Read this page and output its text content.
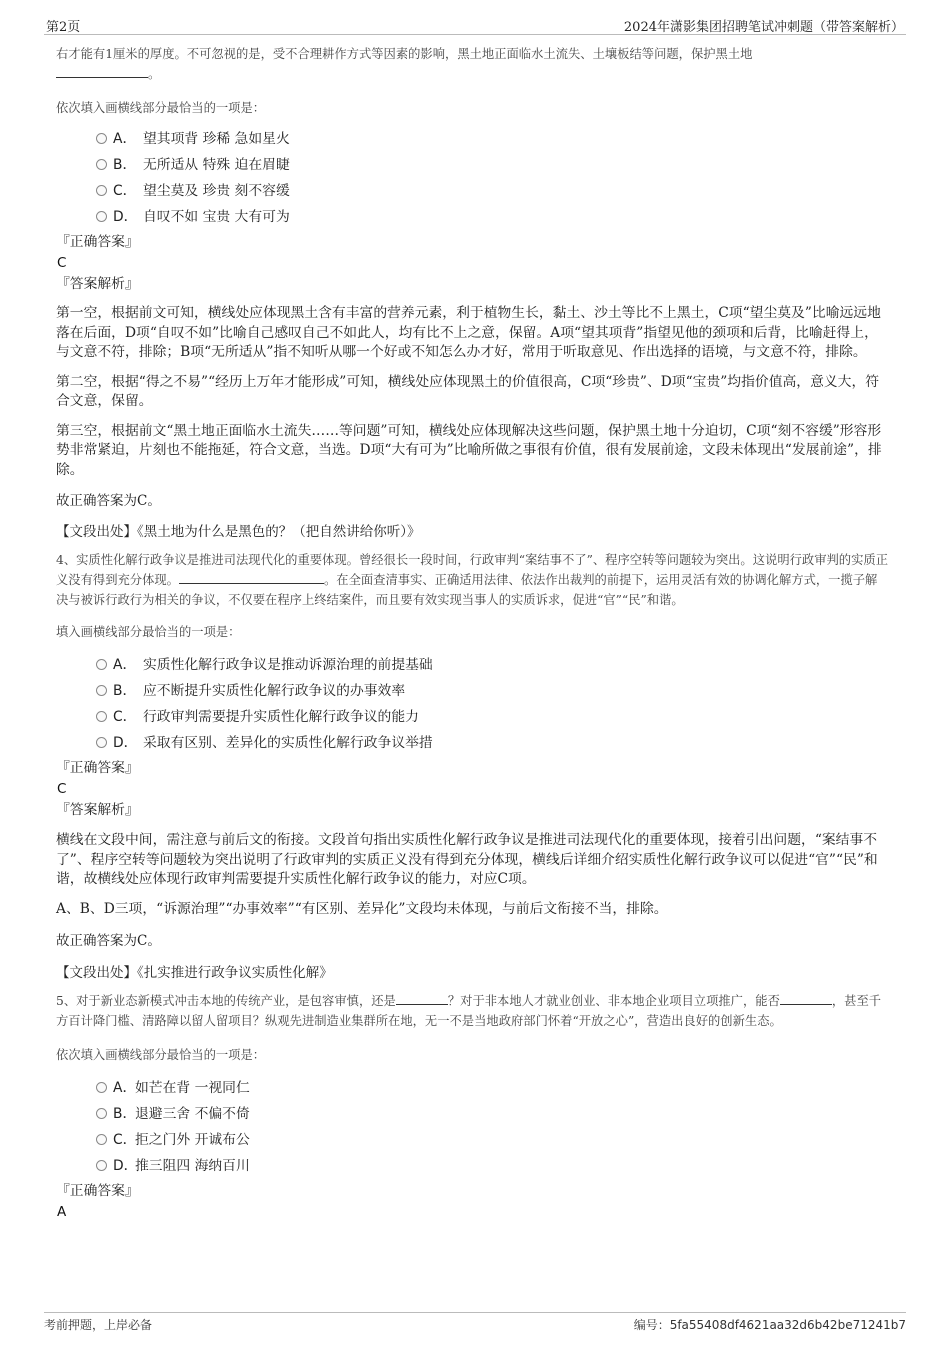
第2页	2024年潇影集团招聘笔试冲刺题（带答案解析）

右才能有1厘米的厚度。不可忽视的是，受不合理耕作方式等因素的影响，黑土地正面临水土流失、土壤板结等问题，保护黑土地
。

依次填入画横线部分最恰当的一项是：

A． 望其项背 珍稀 急如星火
B． 无所适从 特殊 迫在眉睫
C． 望尘莫及 珍贵 刻不容缓
D． 自叹不如 宝贵 大有可为

『正确答案』

C

『答案解析』

第一空，根据前文可知，横线处应体现黑土含有丰富的营养元素，利于植物生长，黏土、沙土等比不上黑土，C项“望尘莫及”比喻远远地落在后面，D项“自叹不如”比喻自己感叹自己不如此人，均有比不上之意，保留。A项“望其项背”指望见他的颈项和后背，比喻赶得上，与文意不符，排除；B项“无所适从”指不知听从哪一个好或不知怎么办才好，常用于听取意见、作出选择的语境，与文意不符，排除。

第二空，根据“得之不易”“经历上万年才能形成”可知，横线处应体现黑土的价值很高，C项“珍贵”、D项“宝贵”均指价值高，意义大，符合文意，保留。

第三空，根据前文“黑土地正面临水土流失……等问题”可知，横线处应体现解决这些问题，保护黑土地十分迫切，C项“刻不容缓”形容形势非常紧迫，片刻也不能拖延，符合文意，当选。D项“大有可为”比喻所做之事很有价值，很有发展前途，文段未体现出“发展前途”，排除。

故正确答案为C。

【文段出处】《黑土地为什么是黑色的？（把自然讲给你听）》

4、实质性化解行政争议是推进司法现代化的重要体现。曾经很长一段时间，行政审判“案结事不了”、程序空转等问题较为突出。这说明行政审判的实质正义没有得到充分体现。	。在全面查清事实、正确适用法律、依法作出裁判的前提下，运用灵活有效的协调化解方式，一揽子解决与被诉行政行为相关的争议，不仅要在程序上终结案件，而且要有效实现当事人的实质诉求，促进“官”“民”和谐。

填入画横线部分最恰当的一项是：

A． 实质性化解行政争议是推动诉源治理的前提基础
B． 应不断提升实质性化解行政争议的办事效率
C． 行政审判需要提升实质性化解行政争议的能力
D． 采取有区别、差异化的实质性化解行政争议举措

『正确答案』

C

『答案解析』

横线在文段中间，需注意与前后文的衔接。文段首句指出实质性化解行政争议是推进司法现代化的重要体现，接着引出问题，“案结事不了”、程序空转等问题较为突出说明了行政审判的实质正义没有得到充分体现，横线后详细介绍实质性化解行政争议可以促进“官”“民”和谐，故横线处应体现行政审判需要提升实质性化解行政争议的能力，对应C项。

A、B、D三项，“诉源治理”“办事效率”“有区别、差异化”文段均未体现，与前后文衔接不当，排除。

故正确答案为C。

【文段出处】《扎实推进行政争议实质性化解》

5、对于新业态新模式冲击本地的传统产业，是包容审慎，还是	？对于非本地人才就业创业、非本地企业项目立项推广，能否	，甚至千方百计降门槛、清路障以留人留项目？纵观先进制造业集群所在地，无一不是当地政府部门怀着“开放之心”，营造出良好的创新生态。

依次填入画横线部分最恰当的一项是：

A．如芒在背 一视同仁
B．退避三舍 不偏不倚
C．拒之门外 开诚布公
D．推三阻四 海纳百川

『正确答案』

A

考前押题，上岸必备	编号：5fa55408df4621aa32d6b42be71241b7
